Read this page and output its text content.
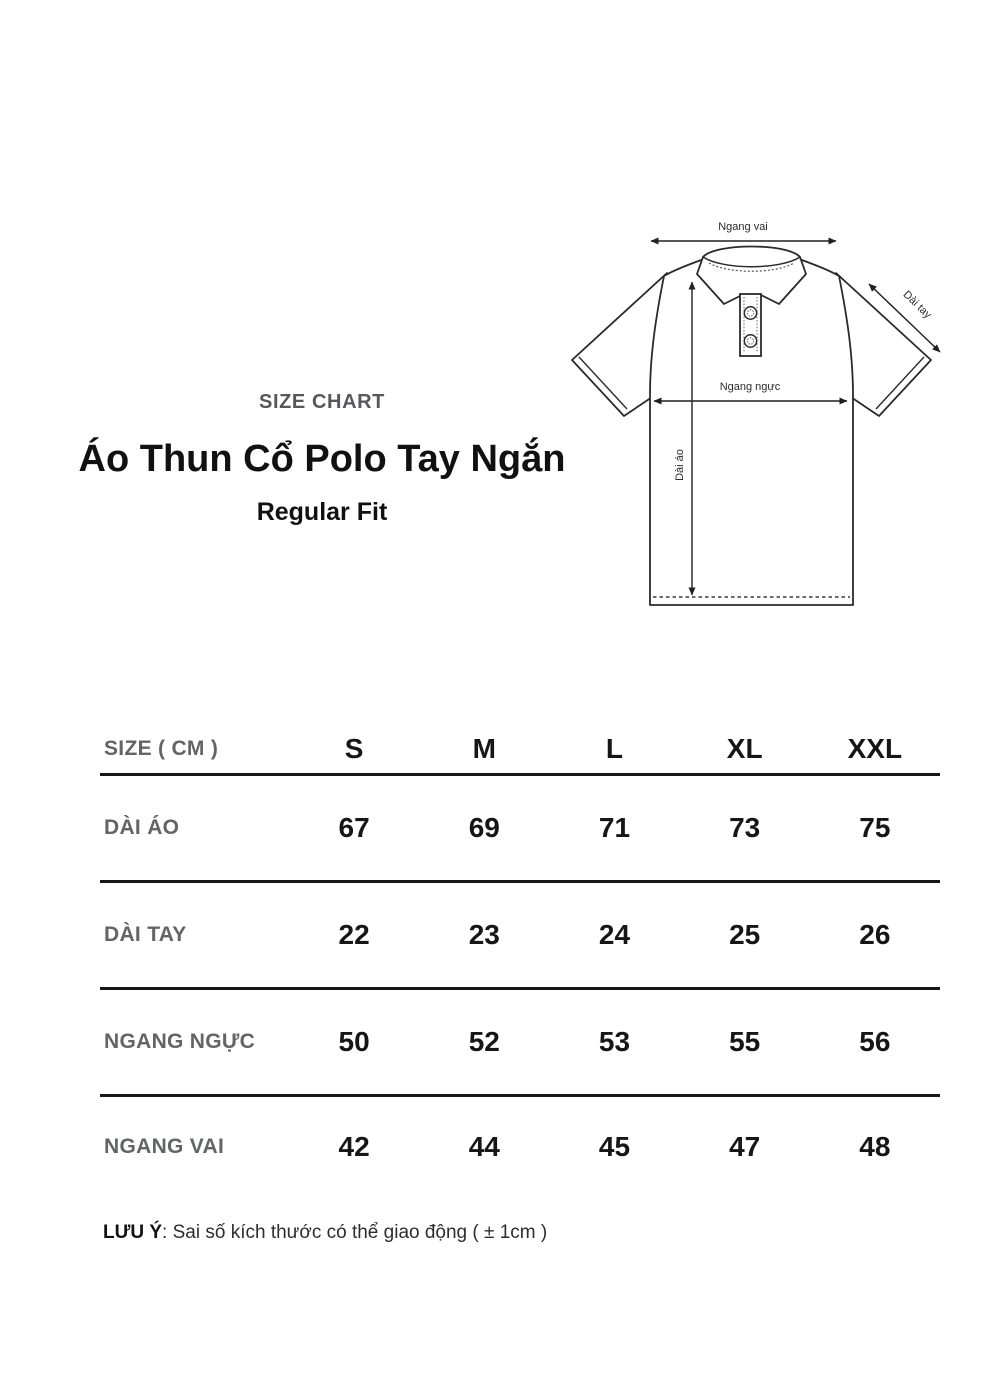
Ngang vai
Dài tay
Ngang ngực
Dài áo
SIZE CHART
Áo Thun Cổ Polo Tay Ngắn
Regular Fit
SIZE ( CM )	S	M	L	XL	XXL
DÀI ÁO	67	69	71	73	75
DÀI TAY	22	23	24	25	26
NGANG NGỰC	50	52	53	55	56
NGANG VAI	42	44	45	47	48

LƯU Ý: Sai số kích thước có thể giao động ( ± 1cm )
